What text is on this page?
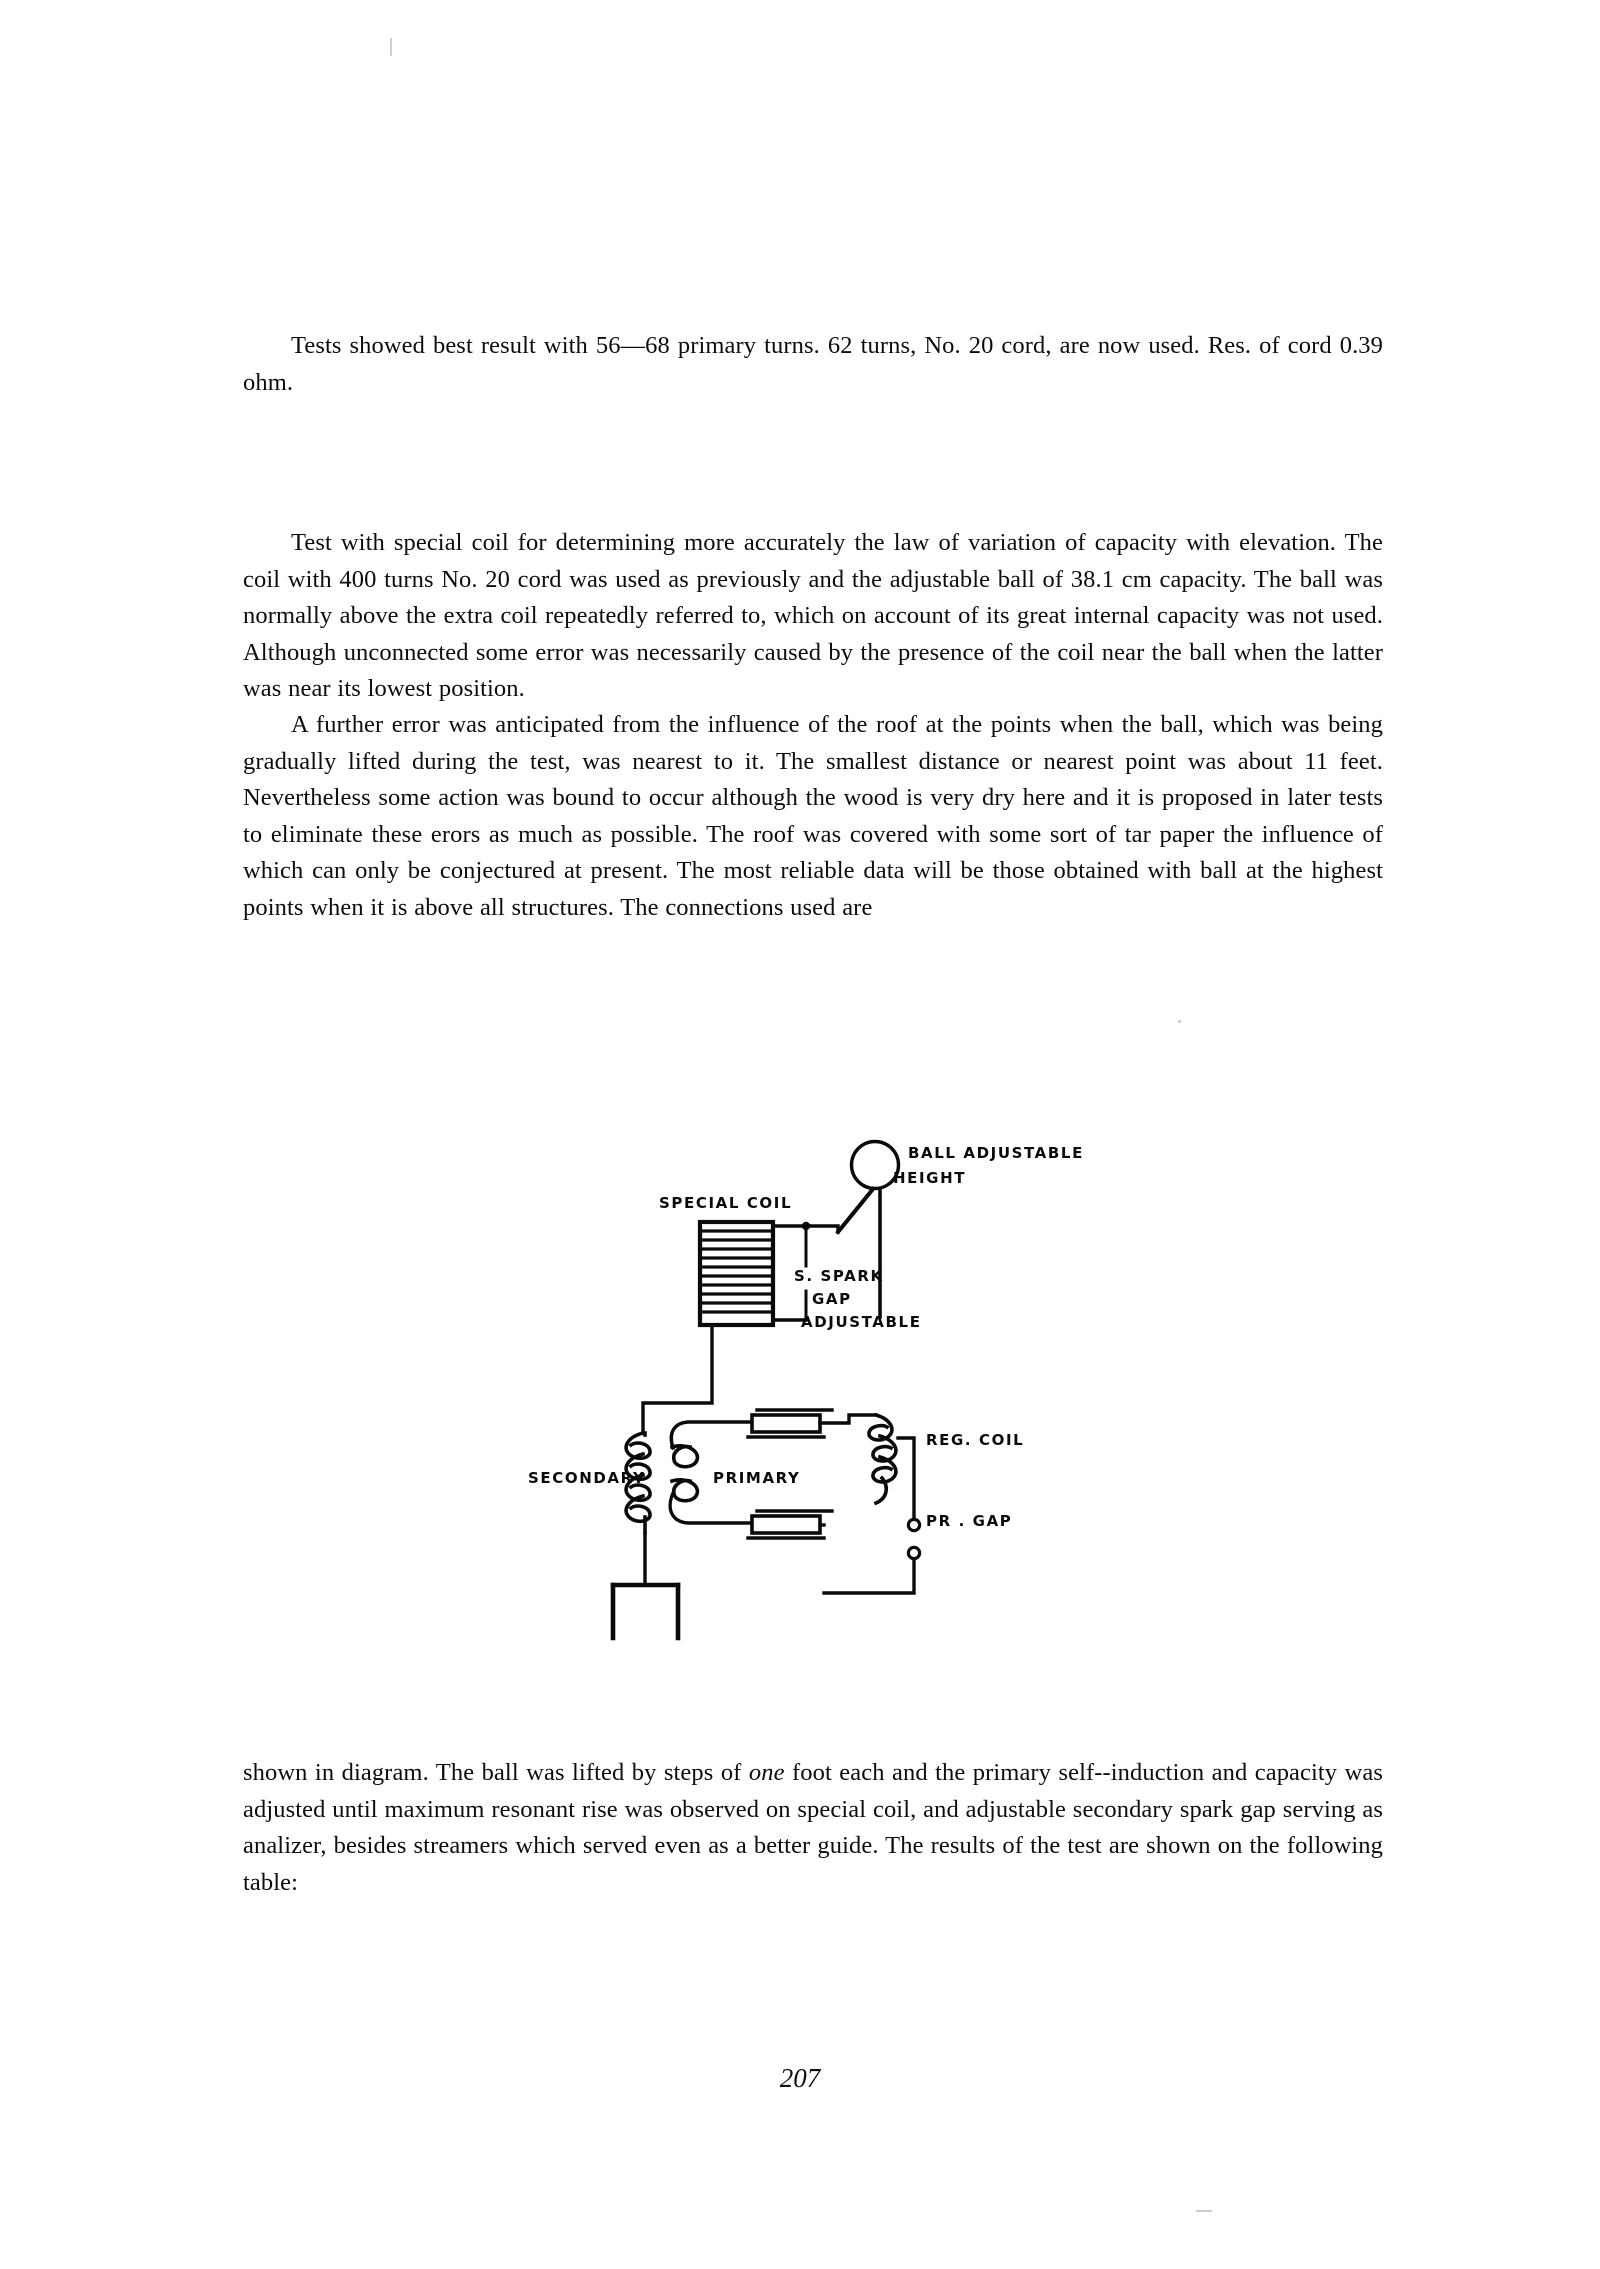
Tests showed best result with 56—68 primary turns. 62 turns, No. 20 cord, are now used. Res. of cord 0.39 ohm.

Test with special coil for determining more accurately the law of variation of capacity with elevation. The coil with 400 turns No. 20 cord was used as previously and the adjustable ball of 38.1 cm capacity. The ball was normally above the extra coil repeatedly referred to, which on account of its great internal capacity was not used. Although unconnected some error was necessarily caused by the presence of the coil near the ball when the latter was near its lowest position.

A further error was anticipated from the influence of the roof at the points when the ball, which was being gradually lifted during the test, was nearest to it. The smallest distance or nearest point was about 11 feet. Nevertheless some action was bound to occur although the wood is very dry here and it is proposed in later tests to eliminate these erors as much as possible. The roof was covered with some sort of tar paper the influence of which can only be conjectured at present. The most reliable data will be those obtained with ball at the highest points when it is above all structures. The connections used are

BALL ADJUSTABLE
HEIGHT
SPECIAL COIL
S. SPARK
GAP
ADJUSTABLE
SECONDARY	PRIMARY
REG. COIL
PR . GAP

shown in diagram. The ball was lifted by steps of one foot each and the primary self--induction and capacity was adjusted until maximum resonant rise was observed on special coil, and adjustable secondary spark gap serving as analizer, besides streamers which served even as a better guide. The results of the test are shown on the following table:

207
